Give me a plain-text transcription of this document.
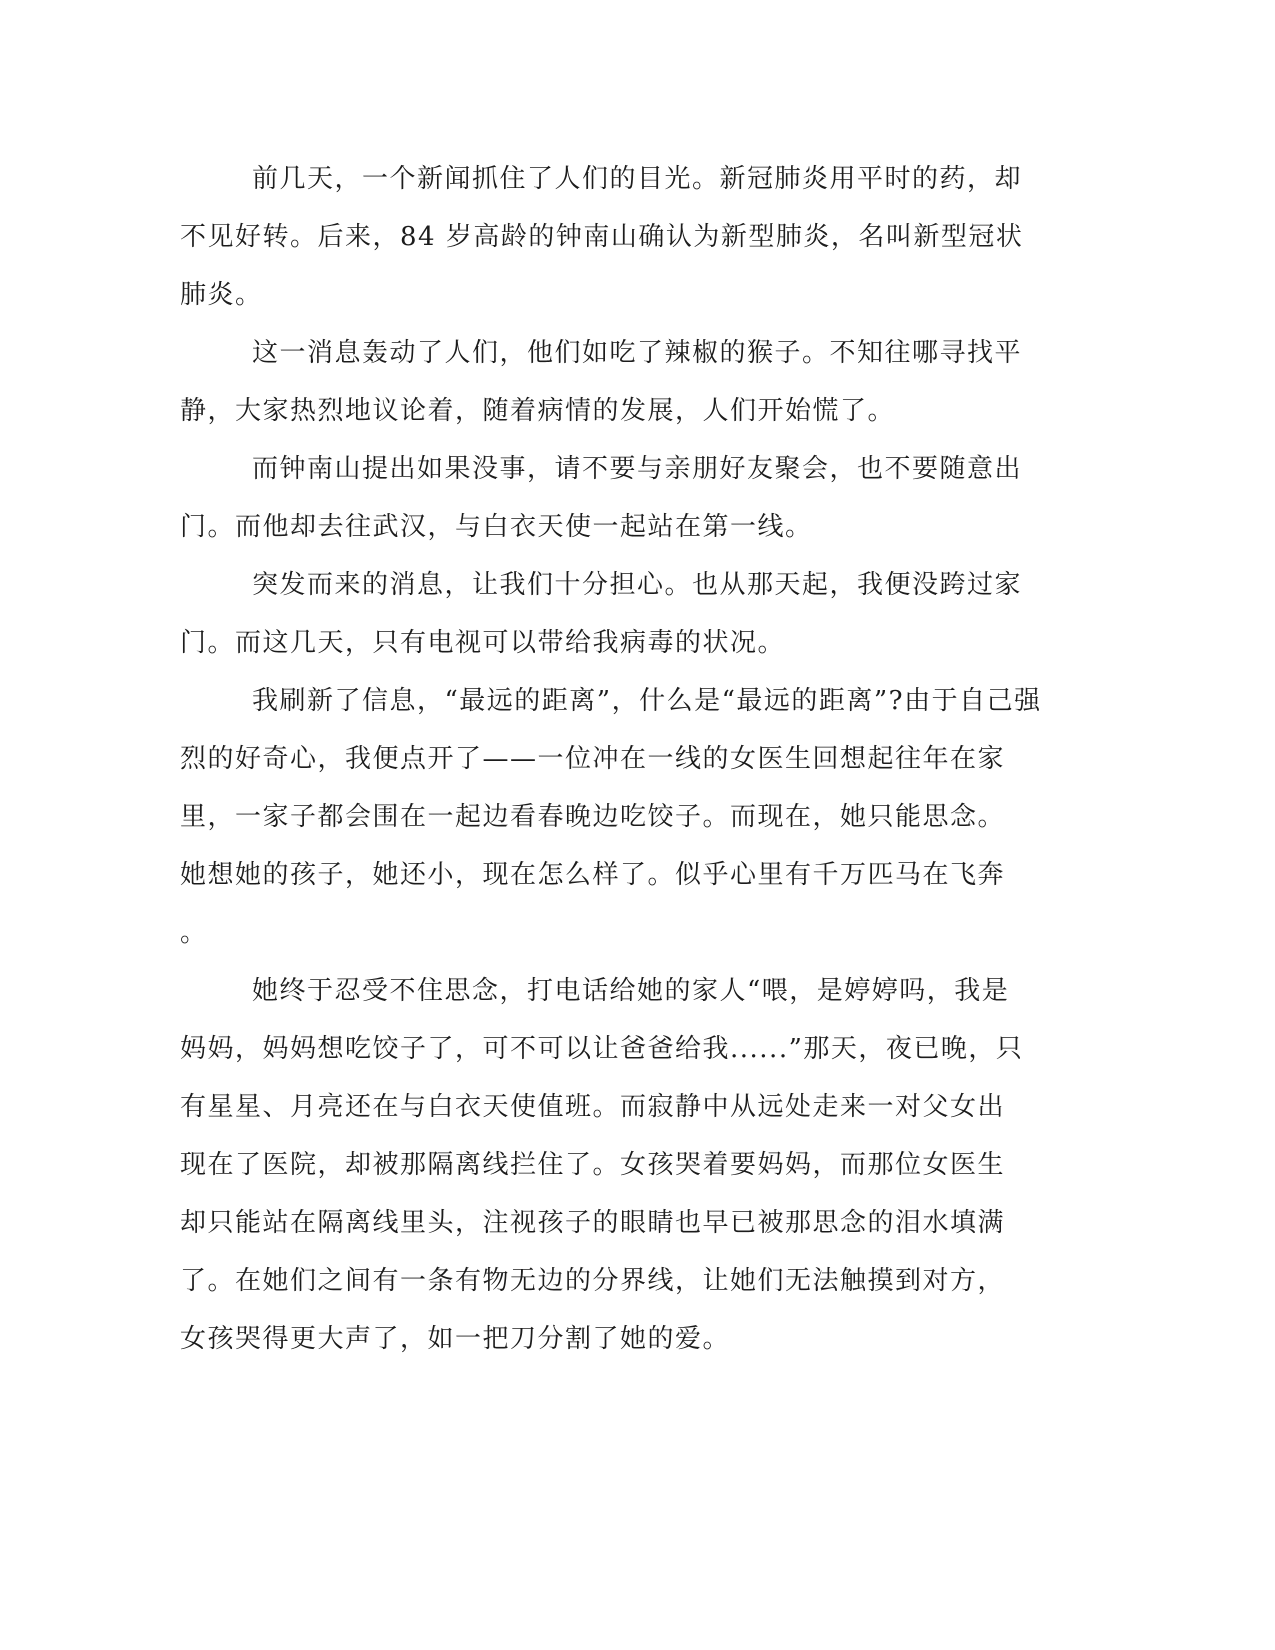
前几天，一个新闻抓住了人们的目光。新冠肺炎用平时的药，却
不见好转。后来，84 岁高龄的钟南山确认为新型肺炎，名叫新型冠状
肺炎。

这一消息轰动了人们，他们如吃了辣椒的猴子。不知往哪寻找平
静，大家热烈地议论着，随着病情的发展，人们开始慌了。

而钟南山提出如果没事，请不要与亲朋好友聚会，也不要随意出
门。而他却去往武汉，与白衣天使一起站在第一线。

突发而来的消息，让我们十分担心。也从那天起，我便没跨过家
门。而这几天，只有电视可以带给我病毒的状况。

我刷新了信息，“最远的距离”，什么是“最远的距离”?由于自己强
烈的好奇心，我便点开了——一位冲在一线的女医生回想起往年在家
里，一家子都会围在一起边看春晚边吃饺子。而现在，她只能思念。
她想她的孩子，她还小，现在怎么样了。似乎心里有千万匹马在飞奔
。

她终于忍受不住思念，打电话给她的家人“喂，是婷婷吗，我是
妈妈，妈妈想吃饺子了，可不可以让爸爸给我......”那天，夜已晚，只
有星星、月亮还在与白衣天使值班。而寂静中从远处走来一对父女出
现在了医院，却被那隔离线拦住了。女孩哭着要妈妈，而那位女医生
却只能站在隔离线里头，注视孩子的眼睛也早已被那思念的泪水填满
了。在她们之间有一条有物无边的分界线，让她们无法触摸到对方，
女孩哭得更大声了，如一把刀分割了她的爱。
